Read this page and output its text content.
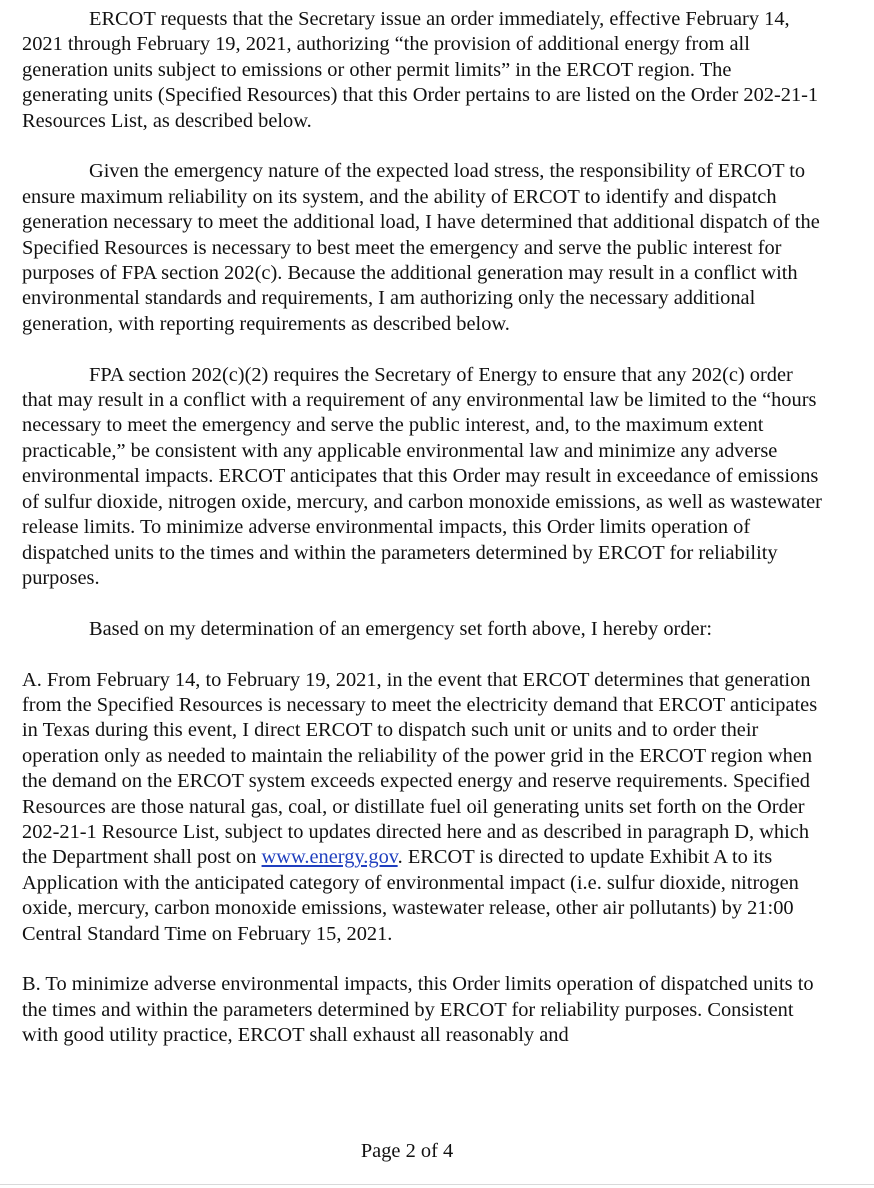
ERCOT requests that the Secretary issue an order immediately, effective February 14, 2021 through February 19, 2021, authorizing “the provision of additional energy from all generation units subject to emissions or other permit limits” in the ERCOT region. The generating units (Specified Resources) that this Order pertains to are listed on the Order 202-21-1 Resources List, as described below.

Given the emergency nature of the expected load stress, the responsibility of ERCOT to ensure maximum reliability on its system, and the ability of ERCOT to identify and dispatch generation necessary to meet the additional load, I have determined that additional dispatch of the Specified Resources is necessary to best meet the emergency and serve the public interest for purposes of FPA section 202(c). Because the additional generation may result in a conflict with environmental standards and requirements, I am authorizing only the necessary additional generation, with reporting requirements as described below.

FPA section 202(c)(2) requires the Secretary of Energy to ensure that any 202(c) order that may result in a conflict with a requirement of any environmental law be limited to the “hours necessary to meet the emergency and serve the public interest, and, to the maximum extent practicable,” be consistent with any applicable environmental law and minimize any adverse environmental impacts. ERCOT anticipates that this Order may result in exceedance of emissions of sulfur dioxide, nitrogen oxide, mercury, and carbon monoxide emissions, as well as wastewater release limits. To minimize adverse environmental impacts, this Order limits operation of dispatched units to the times and within the parameters determined by ERCOT for reliability purposes.

Based on my determination of an emergency set forth above, I hereby order:

A. From February 14, to February 19, 2021, in the event that ERCOT determines that generation from the Specified Resources is necessary to meet the electricity demand that ERCOT anticipates in Texas during this event, I direct ERCOT to dispatch such unit or units and to order their operation only as needed to maintain the reliability of the power grid in the ERCOT region when the demand on the ERCOT system exceeds expected energy and reserve requirements. Specified Resources are those natural gas, coal, or distillate fuel oil generating units set forth on the Order 202-21-1 Resource List, subject to updates directed here and as described in paragraph D, which the Department shall post on www.energy.gov. ERCOT is directed to update Exhibit A to its Application with the anticipated category of environmental impact (i.e. sulfur dioxide, nitrogen oxide, mercury, carbon monoxide emissions, wastewater release, other air pollutants) by 21:00 Central Standard Time on February 15, 2021.

B. To minimize adverse environmental impacts, this Order limits operation of dispatched units to the times and within the parameters determined by ERCOT for reliability purposes. Consistent with good utility practice, ERCOT shall exhaust all reasonably and

Page 2 of 4
